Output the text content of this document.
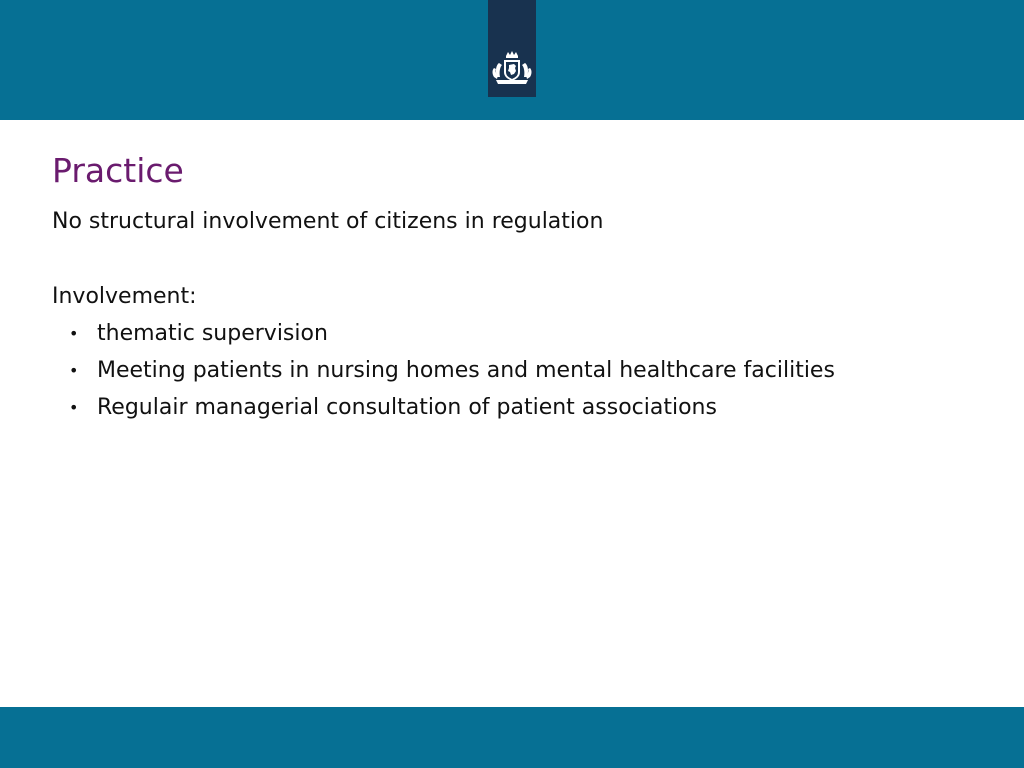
Practice

No structural involvement of citizens in regulation

Involvement:

• thematic supervision
• Meeting patients in nursing homes and mental healthcare facilities
• Regulair managerial consultation of patient associations
